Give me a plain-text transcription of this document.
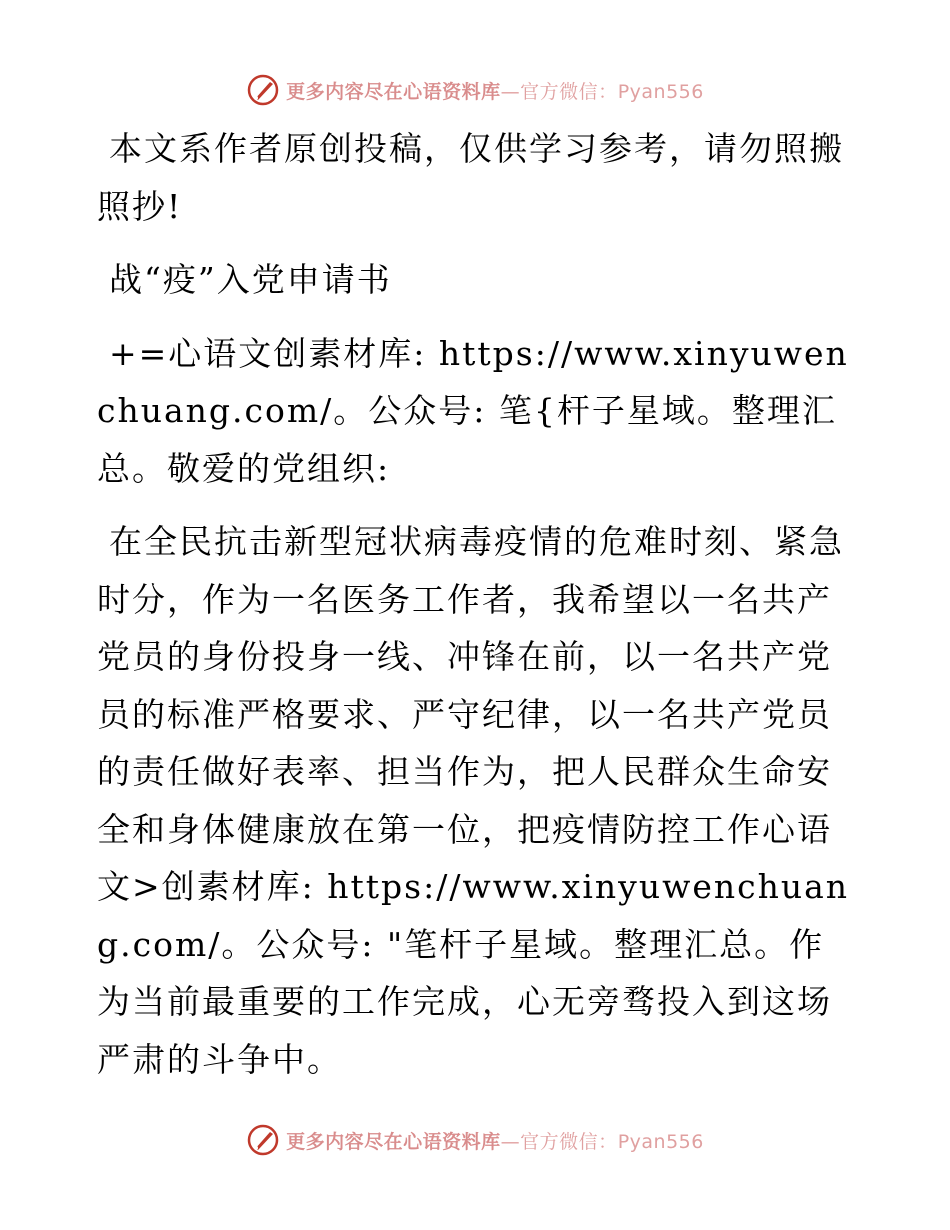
更多内容尽在心语资料库—官方微信：Pyan556

本文系作者原创投稿，仅供学习参考，请勿照搬照抄!

战“疫”入党申请书

+=心语文创素材库: https://www.xinyuwenchuang.com/。公众号: 笔{杆子星域。整理汇总。敬爱的党组织:

在全民抗击新型冠状病毒疫情的危难时刻、紧急时分，作为一名医务工作者，我希望以一名共产党员的身份投身一线、冲锋在前，以一名共产党员的标准严格要求、严守纪律，以一名共产党员的责任做好表率、担当作为，把人民群众生命安全和身体健康放在第一位，把疫情防控工作心语文>创素材库: https://www.xinyuwenchuang.com/。公众号: "笔杆子星域。整理汇总。作为当前最重要的工作完成，心无旁骛投入到这场严肃的斗争中。

更多内容尽在心语资料库—官方微信：Pyan556
